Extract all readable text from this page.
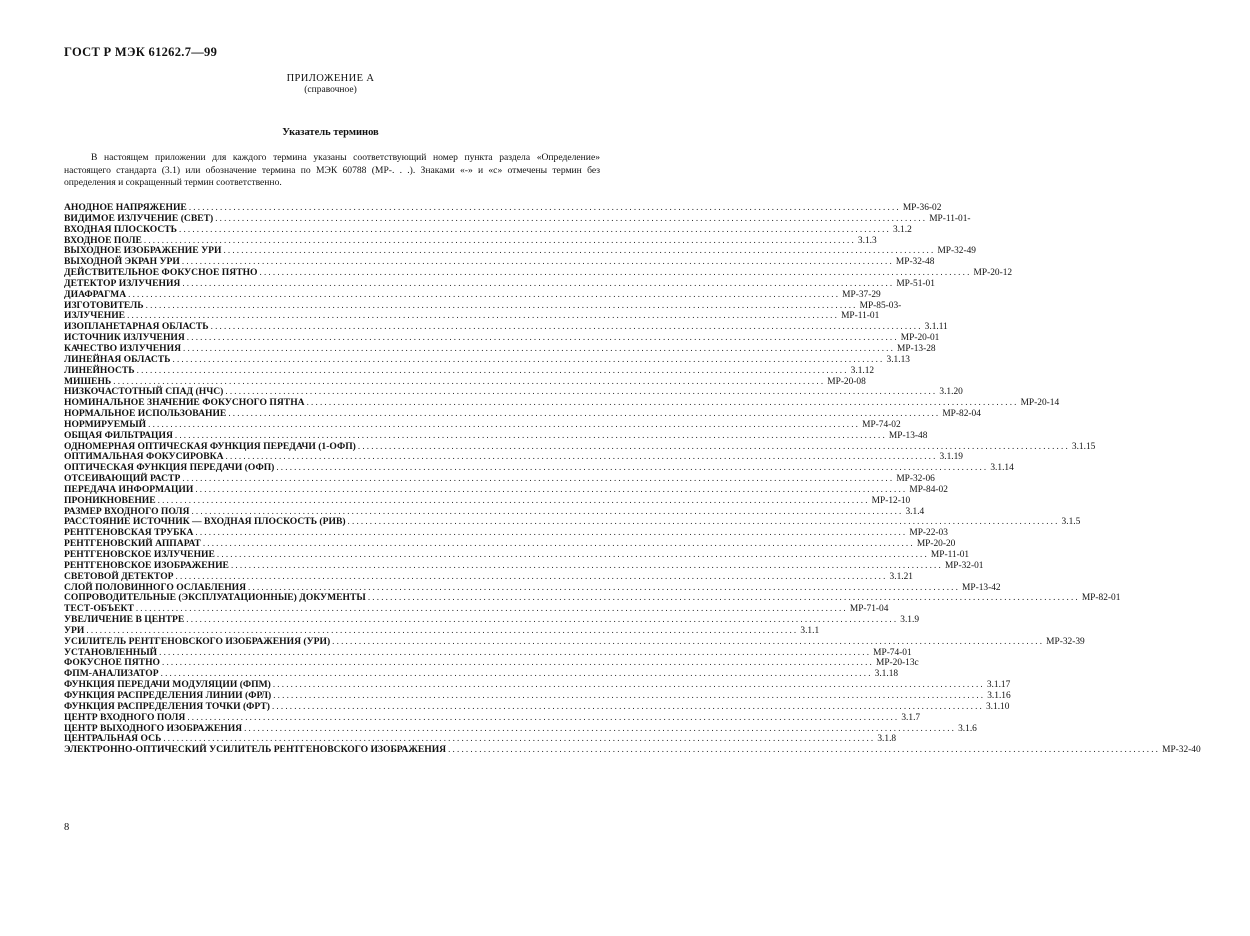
ГОСТ Р МЭК 61262.7—99
ПРИЛОЖЕНИЕ А
(справочное)
Указатель терминов

В настоящем приложении для каждого термина указаны соответствующий номер пункта раздела «Определение» настоящего стандарта (3.1) или обозначение термина по МЭК 60788 (МР-. . .). Знаками «-» и «с» отмечены термин без определения и сокращенный термин соответственно.

АНОДНОЕ НАПРЯЖЕНИЕ ................................................................................................................................................................ МР-36-02
ВИДИМОЕ ИЗЛУЧЕНИЕ (СВЕТ) ................................................................................................................................................................ МР-11-01-
ВХОДНАЯ ПЛОСКОСТЬ ................................................................................................................................................................ 3.1.2
ВХОДНОЕ ПОЛЕ ................................................................................................................................................................ 3.1.3
ВЫХОДНОЕ ИЗОБРАЖЕНИЕ УРИ ................................................................................................................................................................ МР-32-49
ВЫХОДНОЙ ЭКРАН УРИ ................................................................................................................................................................ МР-32-48
ДЕЙСТВИТЕЛЬНОЕ ФОКУСНОЕ ПЯТНО ................................................................................................................................................................ МР-20-12
ДЕТЕКТОР ИЗЛУЧЕНИЯ ................................................................................................................................................................ МР-51-01
ДИАФРАГМА ................................................................................................................................................................ МР-37-29
ИЗГОТОВИТЕЛЬ ................................................................................................................................................................ МР-85-03-
ИЗЛУЧЕНИЕ ................................................................................................................................................................ МР-11-01
ИЗОПЛАНЕТАРНАЯ ОБЛАСТЬ ................................................................................................................................................................ 3.1.11
ИСТОЧНИК ИЗЛУЧЕНИЯ ................................................................................................................................................................ МР-20-01
КАЧЕСТВО ИЗЛУЧЕНИЯ ................................................................................................................................................................ МР-13-28
ЛИНЕЙНАЯ ОБЛАСТЬ ................................................................................................................................................................ 3.1.13
ЛИНЕЙНОСТЬ ................................................................................................................................................................ 3.1.12
МИШЕНЬ ................................................................................................................................................................ МР-20-08
НИЗКОЧАСТОТНЫЙ СПАД (НЧС) ................................................................................................................................................................ 3.1.20
НОМИНАЛЬНОЕ ЗНАЧЕНИЕ ФОКУСНОГО ПЯТНА ................................................................................................................................................................ МР-20-14
НОРМАЛЬНОЕ ИСПОЛЬЗОВАНИЕ ................................................................................................................................................................ МР-82-04
НОРМИРУЕМЫЙ ................................................................................................................................................................ МР-74-02
ОБЩАЯ ФИЛЬТРАЦИЯ ................................................................................................................................................................ МР-13-48
ОДНОМЕРНАЯ ОПТИЧЕСКАЯ ФУНКЦИЯ ПЕРЕДАЧИ (1-ОФП) ................................................................................................................................................................ 3.1.15
ОПТИМАЛЬНАЯ ФОКУСИРОВКА ................................................................................................................................................................ 3.1.19
ОПТИЧЕСКАЯ ФУНКЦИЯ ПЕРЕДАЧИ (ОФП) ................................................................................................................................................................ 3.1.14
ОТСЕИВАЮЩИЙ РАСТР ................................................................................................................................................................ МР-32-06
ПЕРЕДАЧА ИНФОРМАЦИИ ................................................................................................................................................................ МР-84-02
ПРОНИКНОВЕНИЕ ................................................................................................................................................................ МР-12-10
РАЗМЕР ВХОДНОГО ПОЛЯ ................................................................................................................................................................ 3.1.4
РАССТОЯНИЕ ИСТОЧНИК — ВХОДНАЯ ПЛОСКОСТЬ (РИВ) ................................................................................................................................................................ 3.1.5
РЕНТГЕНОВСКАЯ ТРУБКА ................................................................................................................................................................ МР-22-03
РЕНТГЕНОВСКИЙ АППАРАТ ................................................................................................................................................................ МР-20-20
РЕНТГЕНОВСКОЕ ИЗЛУЧЕНИЕ ................................................................................................................................................................ МР-11-01
РЕНТГЕНОВСКОЕ ИЗОБРАЖЕНИЕ ................................................................................................................................................................ МР-32-01
СВЕТОВОЙ ДЕТЕКТОР ................................................................................................................................................................ 3.1.21
СЛОЙ ПОЛОВИННОГО ОСЛАБЛЕНИЯ ................................................................................................................................................................ МР-13-42
СОПРОВОДИТЕЛЬНЫЕ (ЭКСПЛУАТАЦИОННЫЕ) ДОКУМЕНТЫ ................................................................................................................................................................ МР-82-01
ТЕСТ-ОБЪЕКТ ................................................................................................................................................................ МР-71-04
УВЕЛИЧЕНИЕ В ЦЕНТРЕ ................................................................................................................................................................ 3.1.9
УРИ ................................................................................................................................................................ 3.1.1
УСИЛИТЕЛЬ РЕНТГЕНОВСКОГО ИЗОБРАЖЕНИЯ (УРИ) ................................................................................................................................................................ МР-32-39
УСТАНОВЛЕННЫЙ ................................................................................................................................................................ МР-74-01
ФОКУСНОЕ ПЯТНО ................................................................................................................................................................ МР-20-13с
ФПМ-АНАЛИЗАТОР ................................................................................................................................................................ 3.1.18
ФУНКЦИЯ ПЕРЕДАЧИ МОДУЛЯЦИИ (ФПМ) ................................................................................................................................................................ 3.1.17
ФУНКЦИЯ РАСПРЕДЕЛЕНИЯ ЛИНИИ (ФРЛ) ................................................................................................................................................................ 3.1.16
ФУНКЦИЯ РАСПРЕДЕЛЕНИЯ ТОЧКИ (ФРТ) ................................................................................................................................................................ 3.1.10
ЦЕНТР ВХОДНОГО ПОЛЯ ................................................................................................................................................................ 3.1.7
ЦЕНТР ВЫХОДНОГО ИЗОБРАЖЕНИЯ ................................................................................................................................................................ 3.1.6
ЦЕНТРАЛЬНАЯ ОСЬ ................................................................................................................................................................ 3.1.8
ЭЛЕКТРОННО-ОПТИЧЕСКИЙ УСИЛИТЕЛЬ РЕНТГЕНОВСКОГО ИЗОБРАЖЕНИЯ ................................................................................................................................................................ МР-32-40
8
